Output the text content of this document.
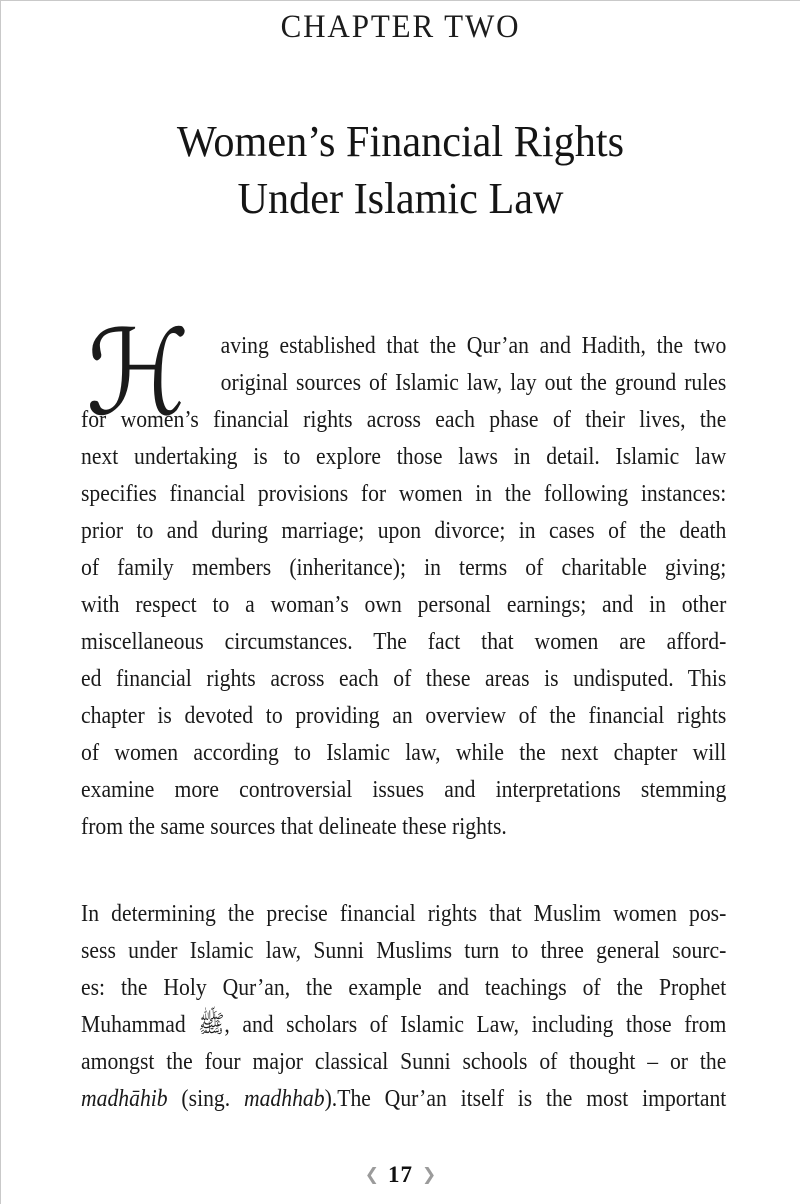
CHAPTER TWO
Women’s Financial Rights
Under Islamic Law
ℋ	aving established that the Qur’an and Hadith, the two
original sources of Islamic law, lay out the ground rules
for women’s financial rights across each phase of their lives, the
next undertaking is to explore those laws in detail. Islamic law
specifies financial provisions for women in the following instances:
prior to and during marriage; upon divorce; in cases of the death
of family members (inheritance); in terms of charitable giving;
with respect to a woman’s own personal earnings; and in other
miscellaneous circumstances. The fact that women are afford-
ed financial rights across each of these areas is undisputed. This
chapter is devoted to providing an overview of the financial rights
of women according to Islamic law, while the next chapter will
examine more controversial issues and interpretations stemming
from the same sources that delineate these rights.
In determining the precise financial rights that Muslim women pos-
sess under Islamic law, Sunni Muslims turn to three general sourc-
es: the Holy Qur’an, the example and teachings of the Prophet
Muhammad ﷺ, and scholars of Islamic Law, including those from
amongst the four major classical Sunni schools of thought – or the
madhāhib (sing. madhhab).The Qur’an itself is the most important
❮ 17 ❯
